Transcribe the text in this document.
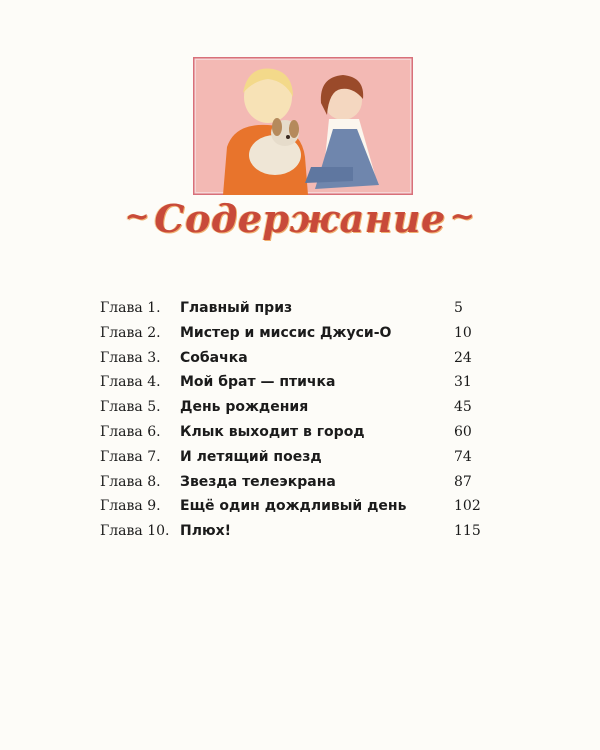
~ Содержание ~
Глава 1. Главный приз	5
Глава 2. Мистер и миссис Джуси-О	10
Глава 3. Собачка	24
Глава 4. Мой брат — птичка	31
Глава 5. День рождения	45
Глава 6. Клык выходит в город	60
Глава 7. И летящий поезд	74
Глава 8. Звезда телеэкрана	87
Глава 9. Ещё один дождливый день	102
Глава 10. Плюх!	115
